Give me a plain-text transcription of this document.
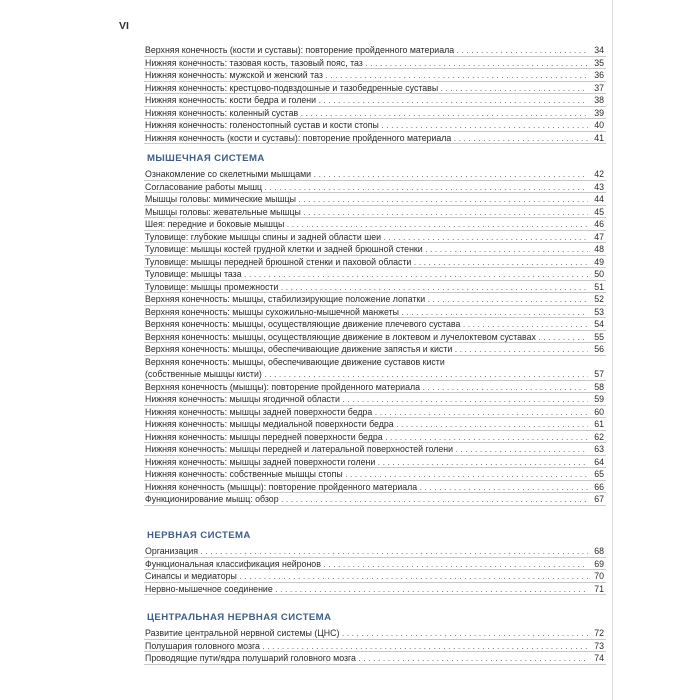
VI
Верхняя конечность (кости и суставы): повторение пройденного материала . . .	34
Нижняя конечность: тазовая кость, тазовый пояс, таз . . .	35
Нижняя конечность: мужской и женский таз . . .	36
Нижняя конечность: крестцово-подвздошные и тазобедренные суставы . . .	37
Нижняя конечность: кости бедра и голени . . .	38
Нижняя конечность: коленный сустав . . .	39
Нижняя конечность: голеностопный сустав и кости стопы . . .	40
Нижняя конечность (кости и суставы): повторение пройденного материала . . .	41
МЫШЕЧНАЯ СИСТЕМА
Ознакомление со скелетными мышцами . . .	42
Согласование работы мышц . . .	43
Мышцы головы: мимические мышцы . . .	44
Мышцы головы: жевательные мышцы . . .	45
Шея: передние и боковые мышцы . . .	46
Туловище: глубокие мышцы спины и задней области шеи . . .	47
Туловище: мышцы костей грудной клетки и задней брюшной стенки . . .	48
Туловище: мышцы передней брюшной стенки и паховой области . . .	49
Туловище: мышцы таза . . .	50
Туловище: мышцы промежности . . .	51
Верхняя конечность: мышцы, стабилизирующие положение лопатки . . .	52
Верхняя конечность: мышцы сухожильно-мышечной манжеты . . .	53
Верхняя конечность: мышцы, осуществляющие движение плечевого сустава . . .	54
Верхняя конечность: мышцы, осуществляющие движение в локтевом и лучелоктевом суставах . . .	55
Верхняя конечность: мышцы, обеспечивающие движение запястья и кисти . . .	56
Верхняя конечность: мышцы, обеспечивающие движение суставов кисти
(собственные мышцы кисти) . . .	57
Верхняя конечность (мышцы): повторение пройденного материала . . .	58
Нижняя конечность: мышцы ягодичной области . . .	59
Нижняя конечность: мышцы задней поверхности бедра . . .	60
Нижняя конечность: мышцы медиальной поверхности бедра . . .	61
Нижняя конечность: мышцы передней поверхности бедра . . .	62
Нижняя конечность: мышцы передней и латеральной поверхностей голени . . .	63
Нижняя конечность: мышцы задней поверхности голени . . .	64
Нижняя конечность: собственные мышцы стопы . . .	65
Нижняя конечность (мышцы): повторение пройденного материала . . .	66
Функционирование мышц: обзор . . .	67
НЕРВНАЯ СИСТЕМА
Организация . . .	68
Функциональная классификация нейронов . . .	69
Синапсы и медиаторы . . .	70
Нервно-мышечное соединение . . .	71
ЦЕНТРАЛЬНАЯ НЕРВНАЯ СИСТЕМА
Развитие центральной нервной системы (ЦНС) . . .	72
Полушария головного мозга . . .	73
Проводящие пути/ядра полушарий головного мозга . . .	74
